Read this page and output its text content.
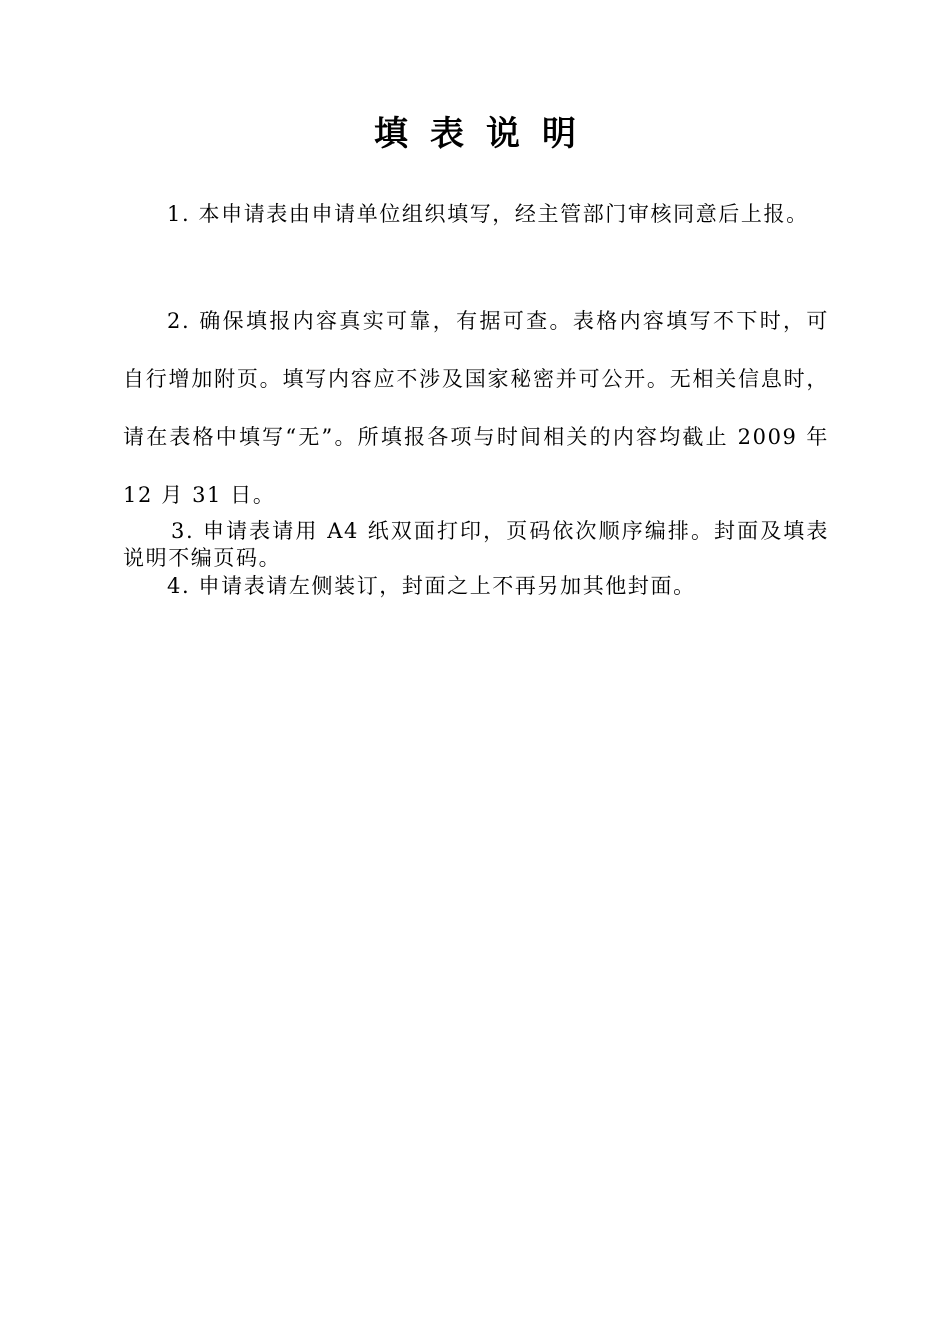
填表说明

1. 本申请表由申请单位组织填写，经主管部门审核同意后上报。

2. 确保填报内容真实可靠，有据可查。表格内容填写不下时，可自行增加附页。填写内容应不涉及国家秘密并可公开。无相关信息时，请在表格中填写“无”。所填报各项与时间相关的内容均截止 2009 年 12 月 31 日。

3. 申请表请用 A4 纸双面打印，页码依次顺序编排。封面及填表说明不编页码。

4. 申请表请左侧装订，封面之上不再另加其他封面。
